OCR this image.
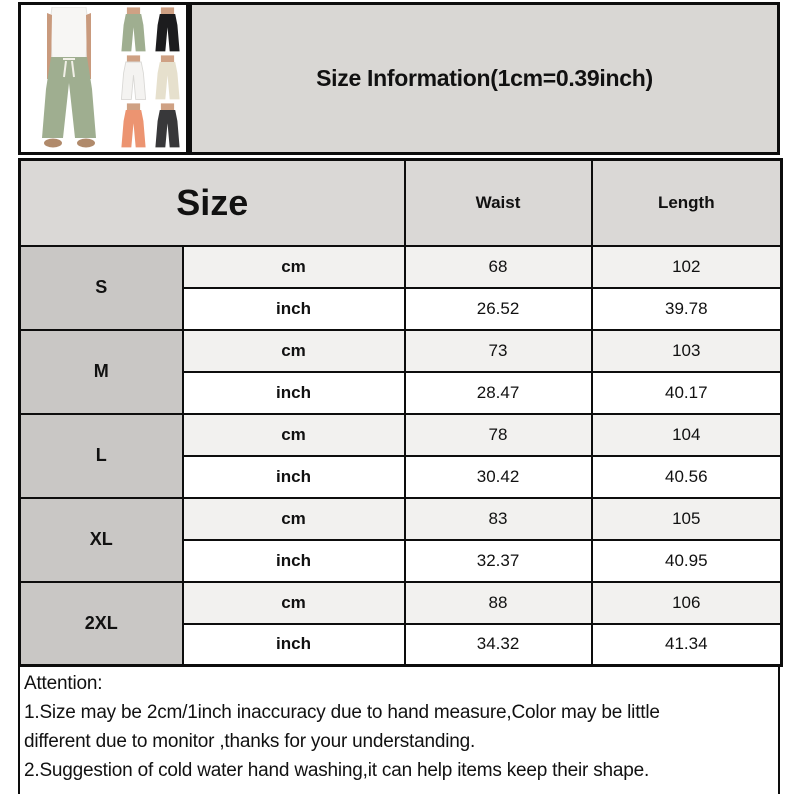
Size Information(1cm=0.39inch)
Size		Waist	Length
S	cm	68	102
	inch	26.52	39.78
M	cm	73	103
	inch	28.47	40.17
L	cm	78	104
	inch	30.42	40.56
XL	cm	83	105
	inch	32.37	40.95
2XL	cm	88	106
	inch	34.32	41.34
Attention:
1.Size may be 2cm/1inch inaccuracy due to hand measure,Color may be little
different due to monitor ,thanks for your understanding.
2.Suggestion of cold water hand washing,it can help items keep their shape.
